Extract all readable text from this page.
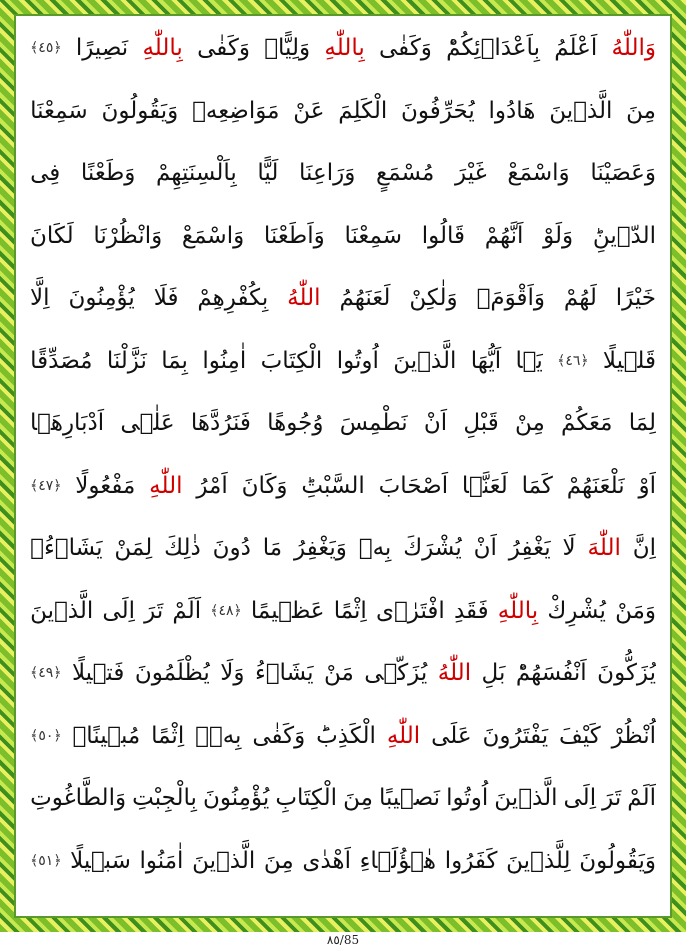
وَاللّٰهُ
اَعْلَمُ
بِاَعْدَاۤئِكُمْؕ
وَكَفٰى
بِاللّٰهِ
وَلِيًّاۙ
وَكَفٰى
بِاللّٰهِ
نَصِيرًا
﴿٤٥﴾
مِنَ
الَّذٖينَ
هَادُوا
يُحَرِّفُونَ
الْكَلِمَ
عَنْ
مَوَاضِعِهٖ
وَيَقُولُونَ
سَمِعْنَا
وَعَصَيْنَا
وَاسْمَعْ
غَيْرَ
مُسْمَعٍ
وَرَاعِنَا
لَيًّا
بِاَلْسِنَتِهِمْ
وَطَعْنًا
فِى
الدّٖينِؕ
وَلَوْ
اَنَّهُمْ
قَالُوا
سَمِعْنَا
وَاَطَعْنَا
وَاسْمَعْ
وَانْظُرْنَا
لَكَانَ
خَيْرًا
لَهُمْ
وَاَقْوَمَۙ
وَلٰكِنْ
لَعَنَهُمُ
اللّٰهُ
بِكُفْرِهِمْ
فَلَا
يُؤْمِنُونَ
اِلَّا
قَلٖيلًا
﴿٤٦﴾
يَۤا
اَيُّهَا
الَّذٖينَ
اُوتُوا
الْكِتَابَ
اٰمِنُوا
بِمَا
نَزَّلْنَا
مُصَدِّقًا
لِمَا
مَعَكُمْ
مِنْ
قَبْلِ
اَنْ
نَطْمِسَ
وُجُوهًا
فَنَرُدَّهَا
عَلٰۤى
اَدْبَارِهَۤا
اَوْ
نَلْعَنَهُمْ
كَمَا
لَعَنَّۤا
اَصْحَابَ
السَّبْتِؕ
وَكَانَ
اَمْرُ
اللّٰهِ
مَفْعُولًا
﴿٤٧﴾
اِنَّ
اللّٰهَ
لَا
يَغْفِرُ
اَنْ
يُشْرَكَ
بِهٖ
وَيَغْفِرُ
مَا
دُونَ
ذٰلِكَ
لِمَنْ
يَشَاۤءُۚ
وَمَنْ
يُشْرِكْ
بِاللّٰهِ
فَقَدِ
افْتَرٰۤى
اِثْمًا
عَظٖيمًا
﴿٤٨﴾
اَلَمْ
تَرَ
اِلَى
الَّذٖينَ
يُزَكُّونَ
اَنْفُسَهُمْؕ
بَلِ
اللّٰهُ
يُزَكّٖى
مَنْ
يَشَاۤءُ
وَلَا
يُظْلَمُونَ
فَتٖيلًا
﴿٤٩﴾
اُنْظُرْ
كَيْفَ
يَفْتَرُونَ
عَلَى
اللّٰهِ
الْكَذِبَؕ
وَكَفٰى
بِهٖۤ
اِثْمًا
مُبٖينًاۚ
﴿٥٠﴾
اَلَمْ
تَرَ
اِلَى
الَّذٖينَ
اُوتُوا
نَصٖيبًا
مِنَ
الْكِتَابِ
يُؤْمِنُونَ
بِالْجِبْتِ
وَالطَّاغُوتِ
وَيَقُولُونَ
لِلَّذٖينَ
كَفَرُوا
هٰۤؤُلَۤاءِ
اَهْدٰى
مِنَ
الَّذٖينَ
اٰمَنُوا
سَبٖيلًا
﴿٥١﴾
٨٥/85
